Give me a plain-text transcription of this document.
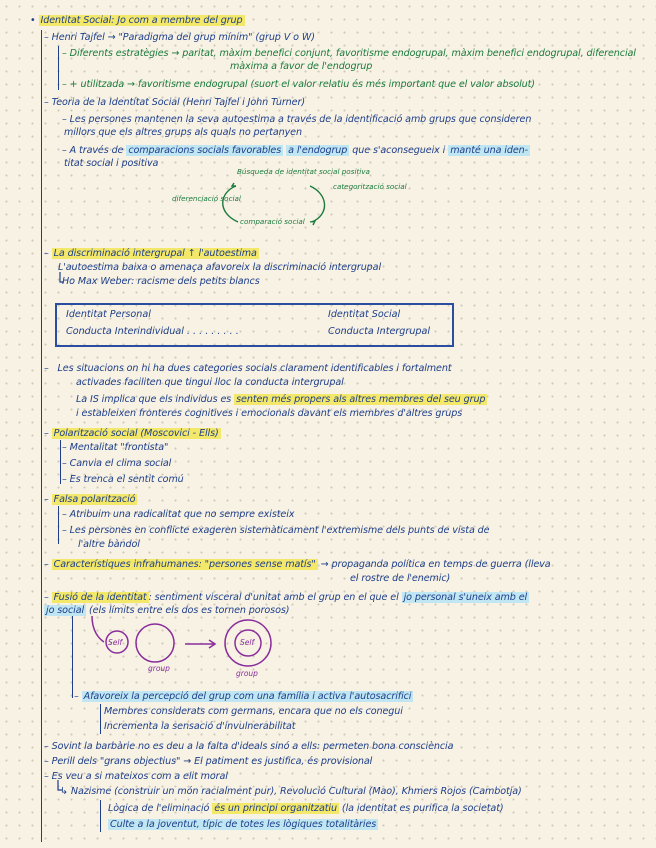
• Identitat Social: Jo com a membre del grup
– Henri Tajfel → "Paradigma del grup mínim" (grup V o W)
– Diferents estratègies → paritat, màxim benefici conjunt, favoritisme endogrupal, màxim benefici endogrupal, diferencial
màxima a favor de l'endogrup
– + utilitzada → favoritisme endogrupal (suort el valor relatiu és més important que el valor absolut)
– Teoria de la Identitat Social (Henri Tajfel i John Turner)
– Les persones mantenen la seva autoestima a través de la identificació amb grups que consideren
millors que els altres grups als quals no pertanyen
– A través de comparacions socials favorables a l'endogrup que s'aconsegueix i manté una iden-
titat social i positiva
Búsqueda de identitat social positiva
categorització social
comparació social
diferenciació social
– La discriminació intergrupal ↑ l'autoestima
L'autoestima baixa o amenaça afavoreix la discriminació intergrupal
Ho Max Weber: racisme dels petits blancs
Identitat Personal
Conducta Interindividual . . . . . . . . .
Identitat Social
Conducta Intergrupal
–   Les situacions on hi ha dues categories socials clarament identificables i fortalment
activades faciliten que tingui lloc la conducta intergrupal
La IS implica que els individus es senten més propers als altres membres del seu grup
i estableixen fronteres cognitives i emocionals davant els membres d'altres grups
– Polarització social (Moscovici - Ells)
– Mentalitat "frontista"
– Canvia el clima social
– Es trenca el sentit comú
– Falsa polarització
– Atribuim una radicalitat que no sempre existeix
– Les persones en conflicte exageren sistemàticament l'extremisme dels punts de vista de
l'altre bàndol
– Característiques infrahumanes: "persones sense matís" → propaganda política en temps de guerra (lleva
el rostre de l'enemic)
– Fusió de la identitat : sentiment visceral d'unitat amb el grup en el que el jo personal s'uneix amb el
jo social (els límits entre els dos es tornen porosos)
Self
group
Self
group
– Afavoreix la percepció del grup com una família i activa l'autosacrifici
Membres considerats com germans, encara que no els conegui
Incrementa la sensació d'invulnerabilitat
– Sovint la barbàrie no es deu a la falta d'ideals sinó a ells: permeten bona consciència
– Perill dels "grans objectius" → El patiment es justifica, és provisional
– Es veu a si mateixos com a elit moral
↳ Nazisme (construir un món racialment pur), Revolució Cultural (Mao), Khmers Rojos (Cambotja)
Lògica de l'eliminació és un principi organitzatiu (la identitat es purifica la societat)
Culte a la joventut, típic de totes les lògiques totalitàries
